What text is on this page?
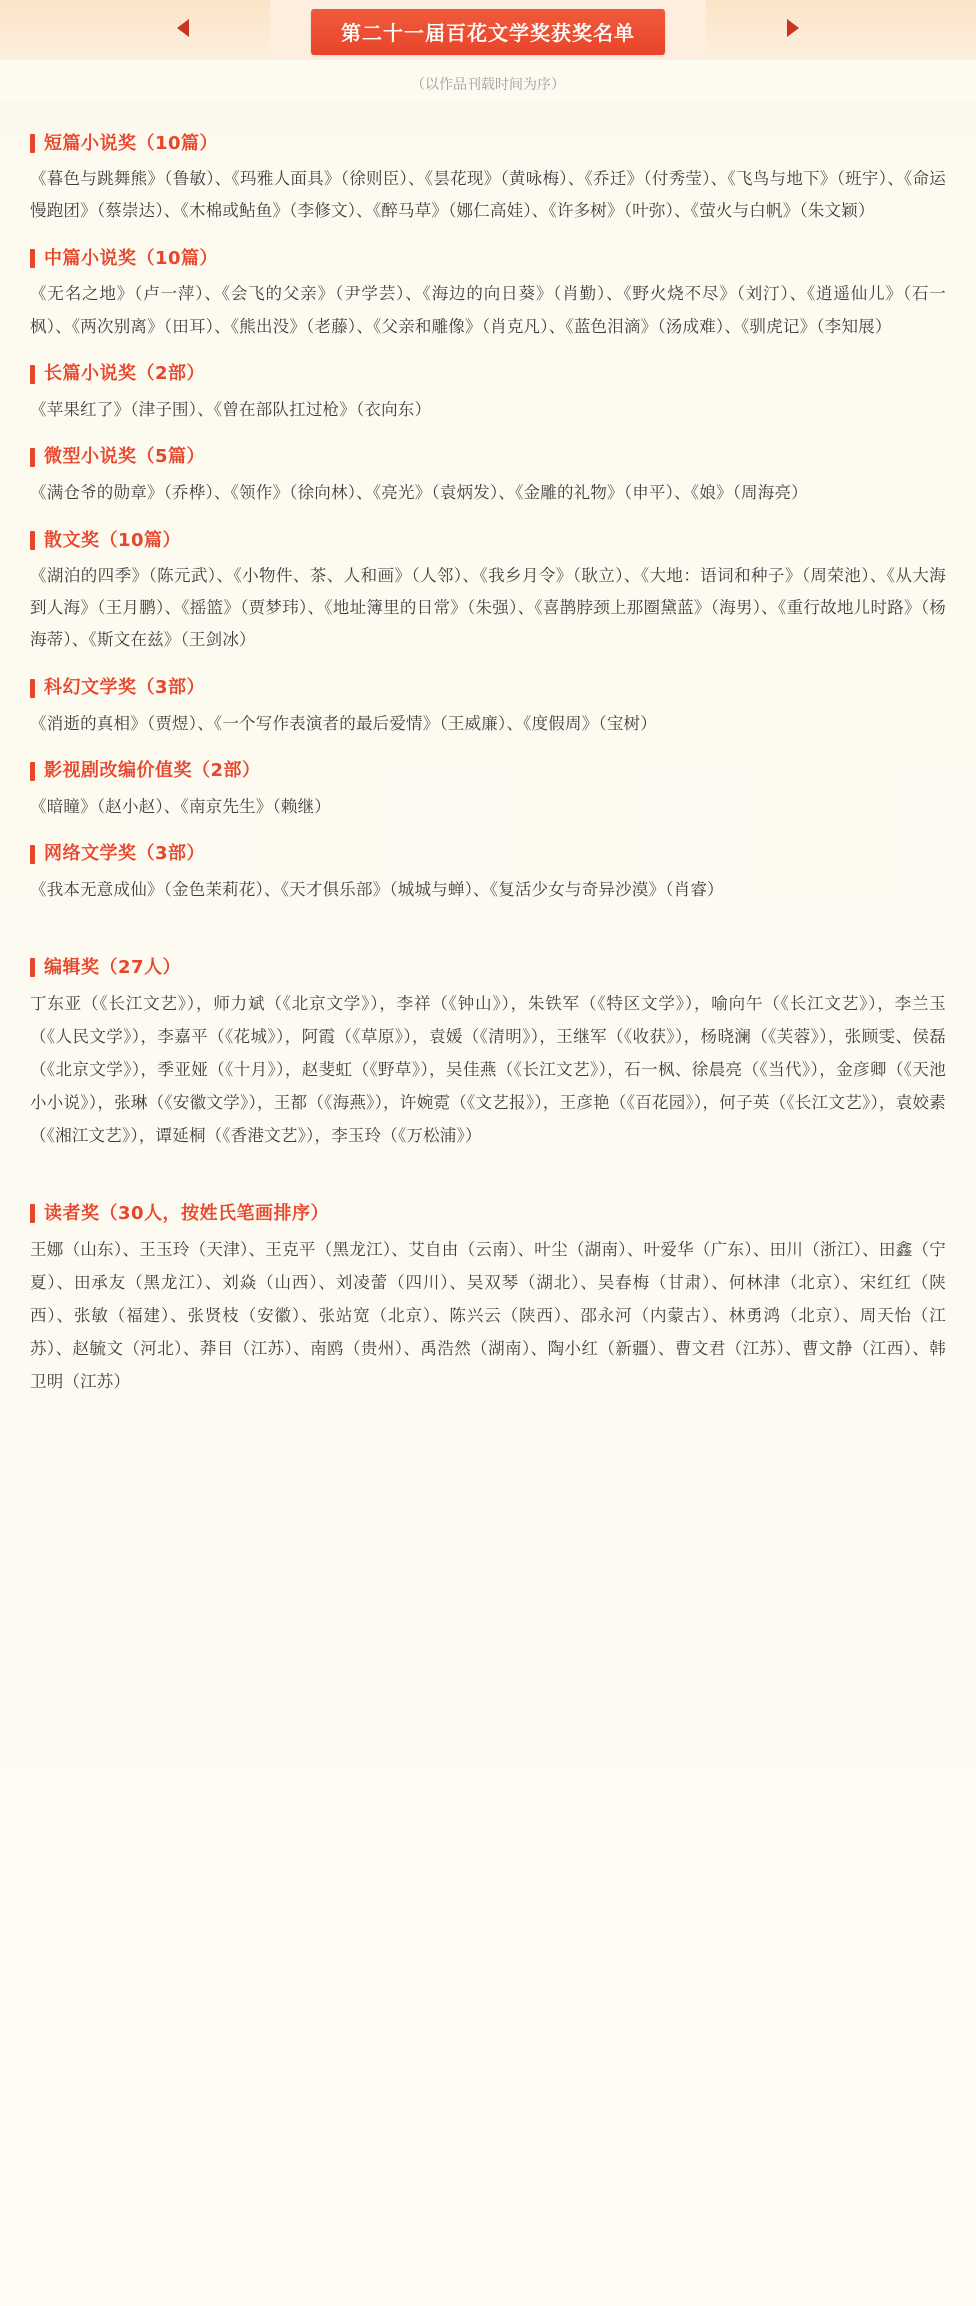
第二十一届百花文学奖获奖名单
（以作品刊载时间为序）
短篇小说奖（10篇）
《暮色与跳舞熊》（鲁敏）、《玛雅人面具》（徐则臣）、《昙花现》（黄咏梅）、《乔迁》（付秀莹）、《飞鸟与地下》（班宇）、《命运慢跑团》（蔡崇达）、《木棉或鲇鱼》（李修文）、《醉马草》（娜仁高娃）、《许多树》（叶弥）、《萤火与白帆》（朱文颖）
中篇小说奖（10篇）
《无名之地》（卢一萍）、《会飞的父亲》（尹学芸）、《海边的向日葵》（肖勤）、《野火烧不尽》（刘汀）、《逍遥仙儿》（石一枫）、《两次别离》（田耳）、《熊出没》（老藤）、《父亲和雕像》（肖克凡）、《蓝色泪滴》（汤成难）、《驯虎记》（李知展）
长篇小说奖（2部）
《苹果红了》（津子围）、《曾在部队扛过枪》（衣向东）
微型小说奖（5篇）
《满仓爷的勋章》（乔桦）、《领作》（徐向林）、《亮光》（袁炳发）、《金雕的礼物》（申平）、《娘》（周海亮）
散文奖（10篇）
《湖泊的四季》（陈元武）、《小物件、茶、人和画》（人邻）、《我乡月令》（耿立）、《大地：语词和种子》（周荣池）、《从大海到人海》（王月鹏）、《摇篮》（贾梦玮）、《地址簿里的日常》（朱强）、《喜鹊脖颈上那圈黛蓝》（海男）、《重行故地儿时路》（杨海蒂）、《斯文在兹》（王剑冰）
科幻文学奖（3部）
《消逝的真相》（贾煜）、《一个写作表演者的最后爱情》（王威廉）、《度假周》（宝树）
影视剧改编价值奖（2部）
《暗瞳》（赵小赵）、《南京先生》（赖继）
网络文学奖（3部）
《我本无意成仙》（金色茉莉花）、《天才俱乐部》（城城与蝉）、《复活少女与奇异沙漠》（肖睿）
编辑奖（27人）
丁东亚（《长江文艺》），师力斌（《北京文学》），李祥（《钟山》），朱铁军（《特区文学》），喻向午（《长江文艺》），李兰玉（《人民文学》），李嘉平（《花城》），阿霞（《草原》），袁媛（《清明》），王继军（《收获》），杨晓澜（《芙蓉》），张顾雯、侯磊（《北京文学》），季亚娅（《十月》），赵斐虹（《野草》），吴佳燕（《长江文艺》），石一枫、徐晨亮（《当代》），金彦卿（《天池小小说》），张琳（《安徽文学》），王都（《海燕》），许婉霓（《文艺报》），王彦艳（《百花园》），何子英（《长江文艺》），袁姣素（《湘江文艺》），谭延桐（《香港文艺》），李玉玲（《万松浦》）
读者奖（30人，按姓氏笔画排序）
王娜（山东）、王玉玲（天津）、王克平（黑龙江）、艾自由（云南）、叶尘（湖南）、叶爱华（广东）、田川（浙江）、田鑫（宁夏）、田承友（黑龙江）、刘焱（山西）、刘凌蕾（四川）、吴双琴（湖北）、吴春梅（甘肃）、何林津（北京）、宋红红（陕西）、张敏（福建）、张贤枝（安徽）、张站宽（北京）、陈兴云（陕西）、邵永河（内蒙古）、林勇鸿（北京）、周天怡（江苏）、赵毓文（河北）、莽目（江苏）、南鸥（贵州）、禹浩然（湖南）、陶小红（新疆）、曹文君（江苏）、曹文静（江西）、韩卫明（江苏）
